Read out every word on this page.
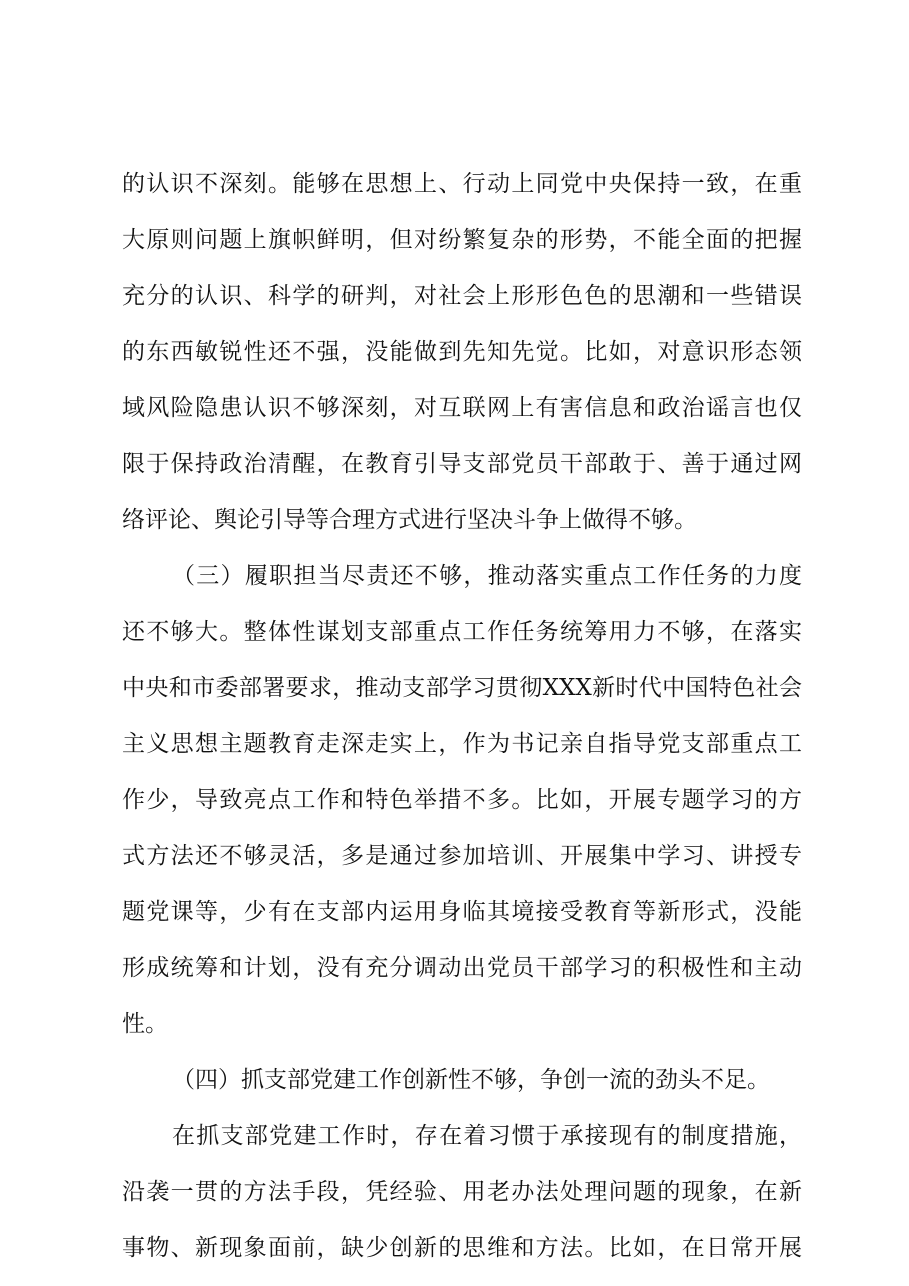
的认识不深刻。能够在思想上、行动上同党中央保持一致，在重
大原则问题上旗帜鲜明，但对纷繁复杂的形势，不能全面的把握
充分的认识、科学的研判，对社会上形形色色的思潮和一些错误
的东西敏锐性还不强，没能做到先知先觉。比如，对意识形态领
域风险隐患认识不够深刻，对互联网上有害信息和政治谣言也仅
限于保持政治清醒，在教育引导支部党员干部敢于、善于通过网
络评论、舆论引导等合理方式进行坚决斗争上做得不够。
（三）履职担当尽责还不够，推动落实重点工作任务的力度
还不够大。整体性谋划支部重点工作任务统筹用力不够，在落实
中央和市委部署要求，推动支部学习贯彻XXX新时代中国特色社会
主义思想主题教育走深走实上，作为书记亲自指导党支部重点工
作少，导致亮点工作和特色举措不多。比如，开展专题学习的方
式方法还不够灵活，多是通过参加培训、开展集中学习、讲授专
题党课等，少有在支部内运用身临其境接受教育等新形式，没能
形成统筹和计划，没有充分调动出党员干部学习的积极性和主动
性。
（四）抓支部党建工作创新性不够，争创一流的劲头不足。
在抓支部党建工作时，存在着习惯于承接现有的制度措施，
沿袭一贯的方法手段，凭经验、用老办法处理问题的现象，在新
事物、新现象面前，缺少创新的思维和方法。比如，在日常开展
